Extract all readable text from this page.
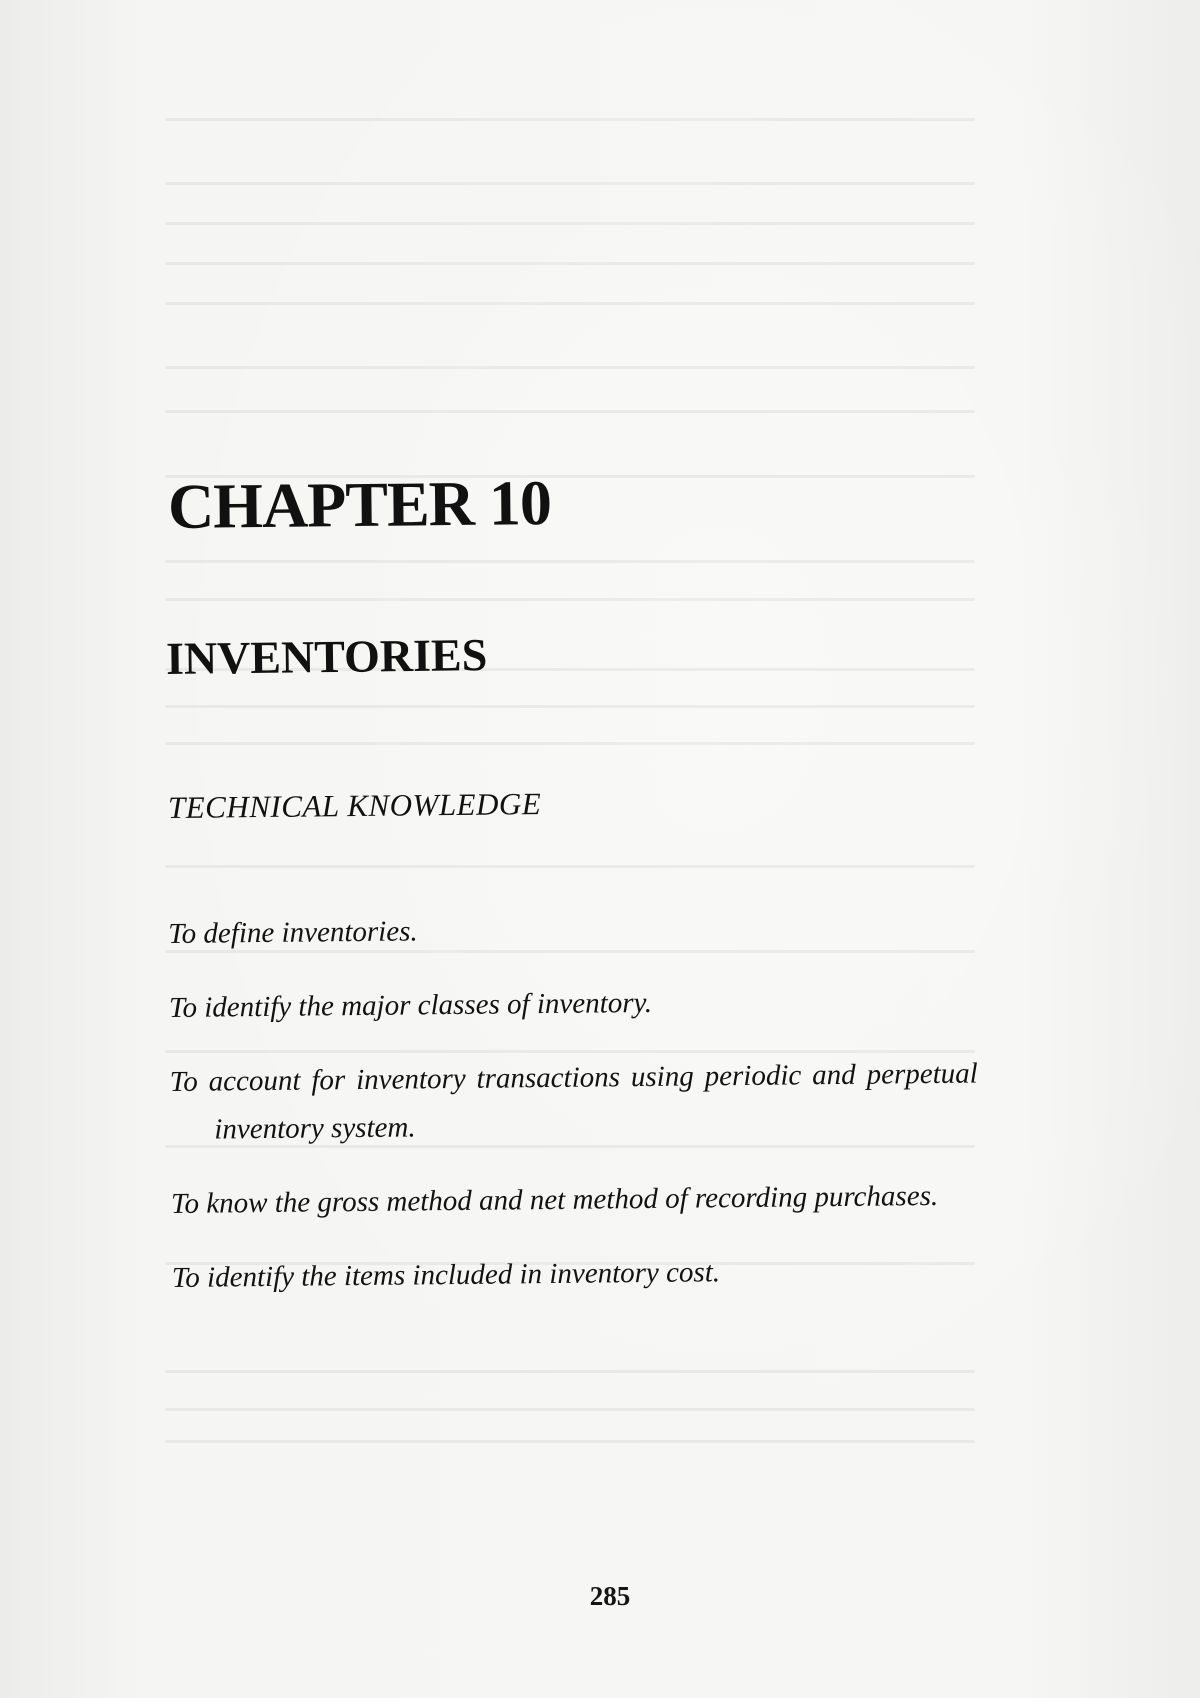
CHAPTER 10
INVENTORIES
TECHNICAL KNOWLEDGE
To define inventories.
To identify the major classes of inventory.
To account for inventory transactions using periodic and perpetual inventory system.
To know the gross method and net method of recording purchases.
To identify the items included in inventory cost.
285
